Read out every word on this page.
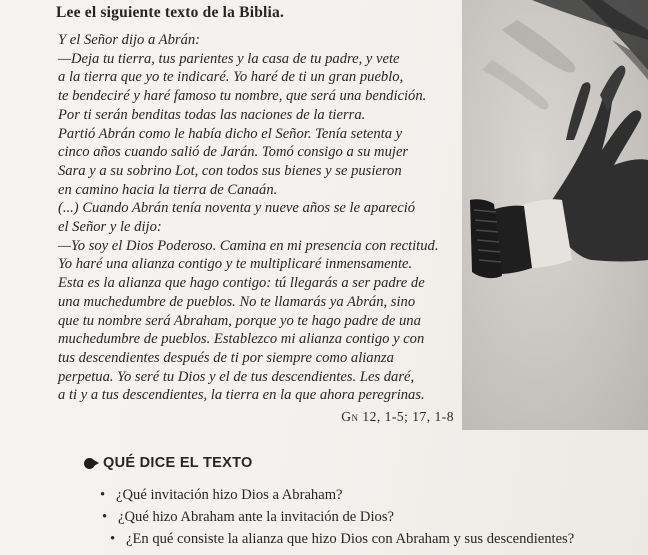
Lee el siguiente texto de la Biblia.

Y el Señor dijo a Abrán:

—Deja tu tierra, tus parientes y la casa de tu padre, y vete

a la tierra que yo te indicaré. Yo haré de ti un gran pueblo,

te bendeciré y haré famoso tu nombre, que será una bendición.

Por ti serán benditas todas las naciones de la tierra.

Partió Abrán como le había dicho el Señor. Tenía setenta y

cinco años cuando salió de Jarán. Tomó consigo a su mujer

Sara y a su sobrino Lot, con todos sus bienes y se pusieron

en camino hacia la tierra de Canaán.

(...) Cuando Abrán tenía noventa y nueve años se le apareció

el Señor y le dijo:

—Yo soy el Dios Poderoso. Camina en mi presencia con rectitud.

Yo haré una alianza contigo y te multiplicaré inmensamente.

Esta es la alianza que hago contigo: tú llegarás a ser padre de

una muchedumbre de pueblos. No te llamarás ya Abrán, sino

que tu nombre será Abraham, porque yo te hago padre de una

muchedumbre de pueblos. Establezco mi alianza contigo y con

tus descendientes después de ti por siempre como alianza

perpetua. Yo seré tu Dios y el de tus descendientes. Les daré,

a ti y a tus descendientes, la tierra en la que ahora peregrinas.

Gn 12, 1-5; 17, 1-8
QUÉ DICE EL TEXTO
• ¿Qué invitación hizo Dios a Abraham?
• ¿Qué hizo Abraham ante la invitación de Dios?
• ¿En qué consiste la alianza que hizo Dios con Abraham y sus descendientes?
